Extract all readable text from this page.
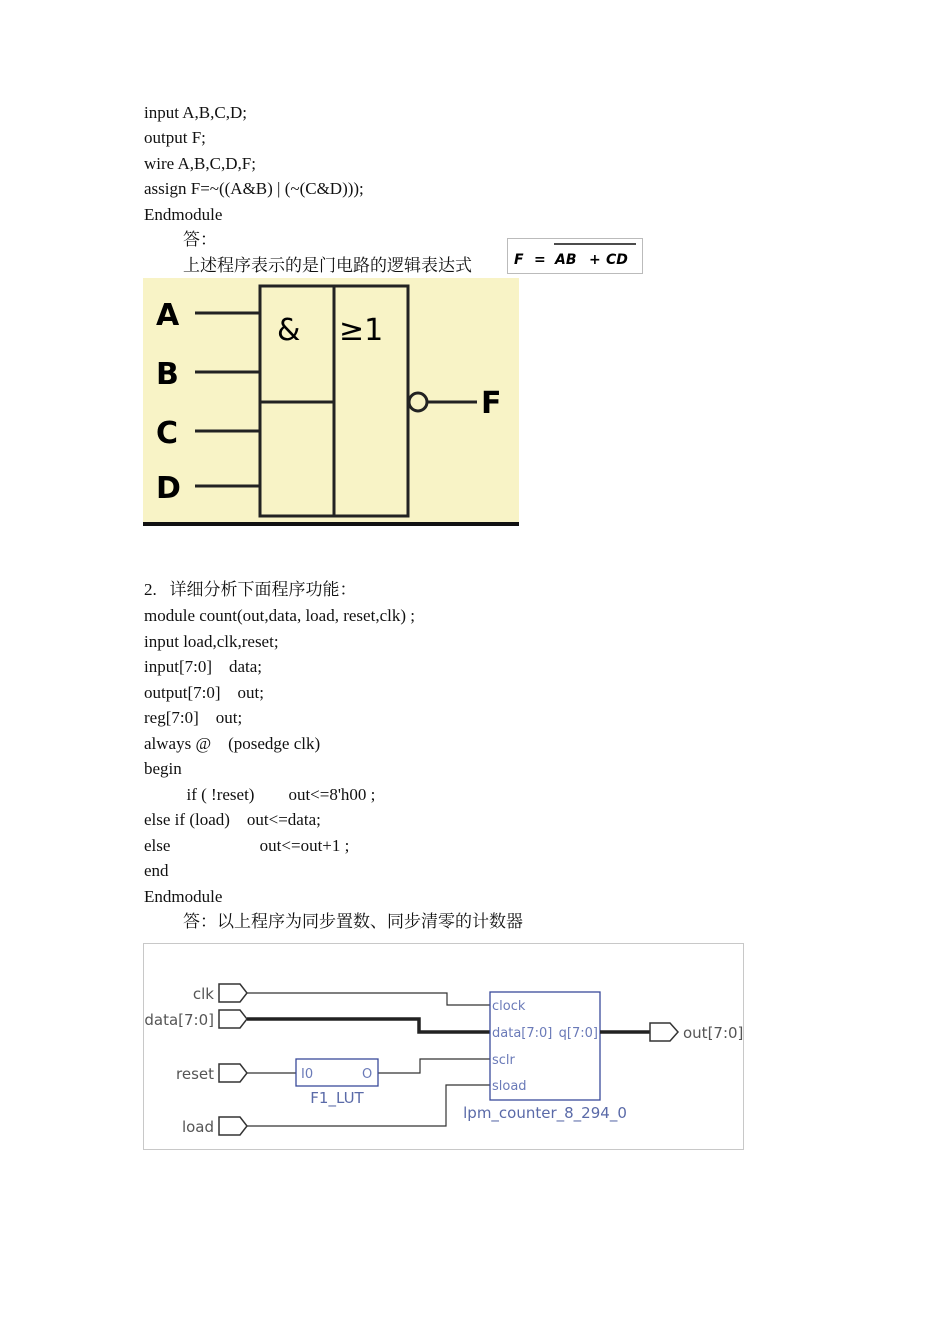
input A,B,C,D;
output F;
wire A,B,C,D,F;
assign F=~((A&B) | (~(C&D)));
Endmodule
答：
上述程序表示的是门电路的逻辑表达式	F = AB + CD
A
B
C
D
& ≥1
F
2.   详细分析下面程序功能：
module count(out,data, load, reset,clk) ;
input load,clk,reset;
input[7:0]    data;
output[7:0]    out;
reg[7:0]    out;
always @    (posedge clk)
begin
if ( !reset)        out<=8'h00 ;
else if (load)    out<=data;
else                     out<=out+1 ;
end
Endmodule
答：以上程序为同步置数、同步清零的计数器
clk
data[7:0]
reset
load
I0	O
F1_LUT
clock
data[7:0]
sclr
sload
q[7:0]
lpm_counter_8_294_0
out[7:0]
